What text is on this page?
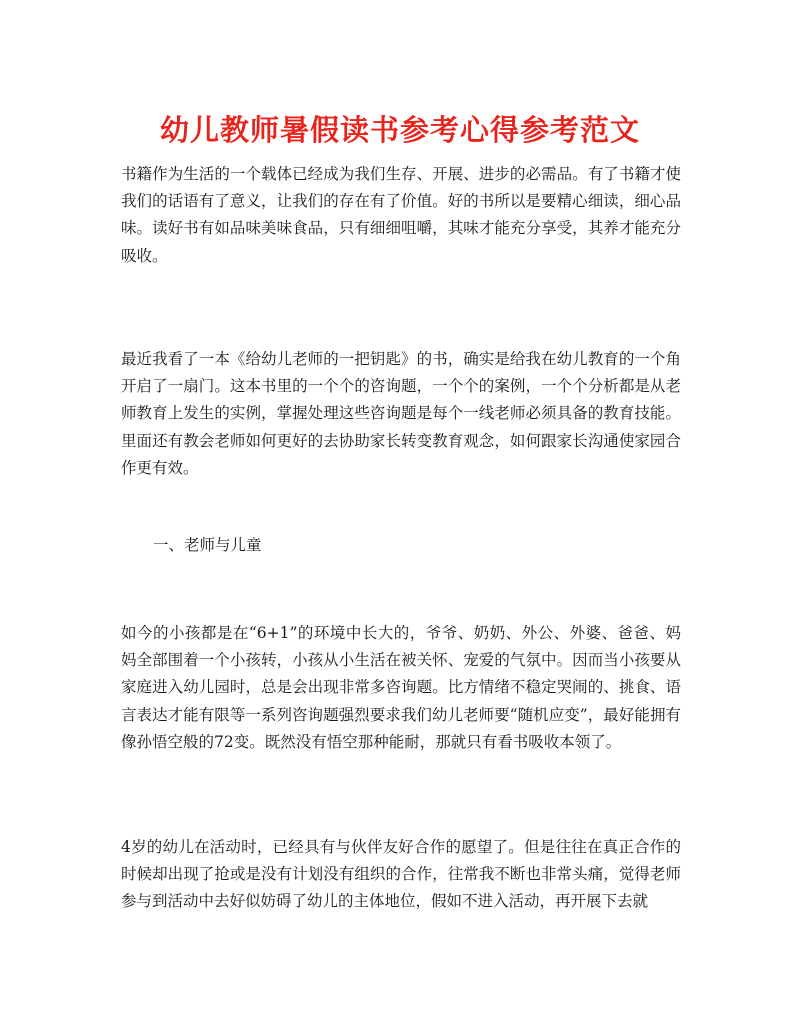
幼儿教师暑假读书参考心得参考范文
书籍作为生活的一个载体已经成为我们生存、开展、进步的必需品。有了书籍才使我们的话语有了意义，让我们的存在有了价值。好的书所以是要精心细读，细心品味。读好书有如品味美味食品，只有细细咀嚼，其味才能充分享受，其养才能充分吸收。
最近我看了一本《给幼儿老师的一把钥匙》的书，确实是给我在幼儿教育的一个角开启了一扇门。这本书里的一个个的咨询题，一个个的案例，一个个分析都是从老师教育上发生的实例，掌握处理这些咨询题是每个一线老师必须具备的教育技能。里面还有教会老师如何更好的去协助家长转变教育观念，如何跟家长沟通使家园合作更有效。
一、老师与儿童
如今的小孩都是在“6+1”的环境中长大的，爷爷、奶奶、外公、外婆、爸爸、妈妈全部围着一个小孩转，小孩从小生活在被关怀、宠爱的气氛中。因而当小孩要从家庭进入幼儿园时，总是会出现非常多咨询题。比方情绪不稳定哭闹的、挑食、语言表达才能有限等一系列咨询题强烈要求我们幼儿老师要“随机应变”，最好能拥有像孙悟空般的72变。既然没有悟空那种能耐，那就只有看书吸收本领了。
4岁的幼儿在活动时，已经具有与伙伴友好合作的愿望了。但是往往在真正合作的时候却出现了抢或是没有计划没有组织的合作，往常我不断也非常头痛，觉得老师参与到活动中去好似妨碍了幼儿的主体地位，假如不进入活动，再开展下去就
